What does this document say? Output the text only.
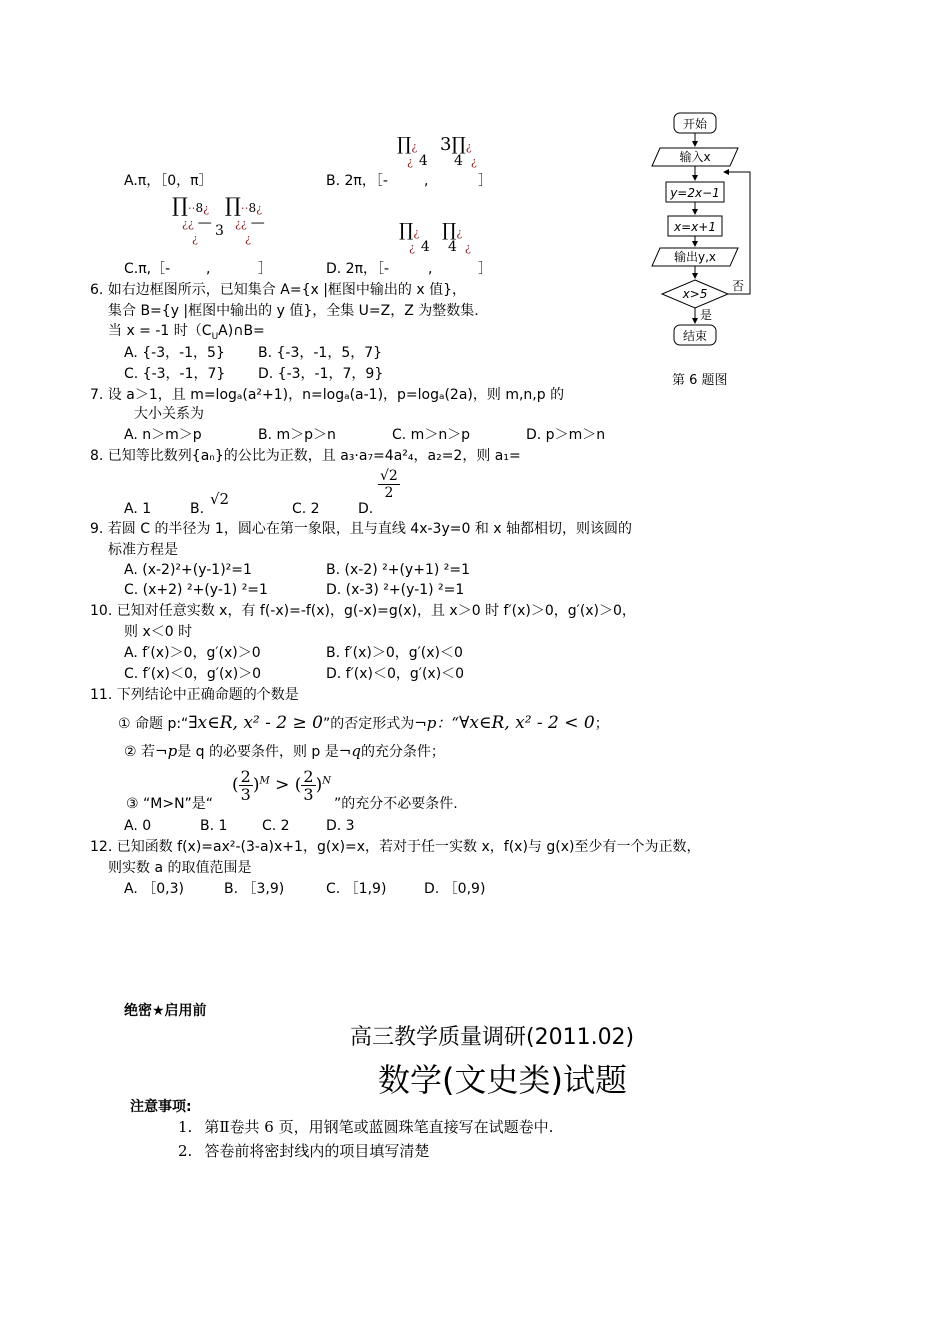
A.π，［0，π］	B. 2π，［-
∏¿
¿ 4
,
3∏¿
4 ¿
］
C.π,［-
∏⋅⋅8¿
¿¿ —
¿	3
∏⋅⋅8¿
¿¿ —
¿
,	］	D. 2π，［-
∏¿
¿ 4
,
∏¿
4 ¿
］
6. 如右边框图所示，已知集合 A={x |框图中输出的 x 值}，
集合 B={y |框图中输出的 y 值}，全集 U=Z，Z 为整数集.
当 x = -1 时$(C_UA)\cap B=$
A. {-3，-1，5} B. {-3，-1，5，7}
C. {-3，-1，7} D. {-3，-1，7，9}
开始
输入x
y=2x−1
x=x+1
输出y,x
x>5
否
是
结束
第 6 题图
7. 设 a＞1，且 m=logₐ(a²+1)，n=logₐ(a-1)，p=logₐ(2a)，则 m,n,p 的
大小关系为
A. n＞m＞p	B. m＞p＞n	C. m＞n＞p	D. p＞m＞n
8. 已知等比数列{aₙ}的公比为正数，且 a₃·a₇=4a²₄，a₂=2，则 a₁=
A. 1	B.
√2
C. 2	D.
$\frac{√2}{2}$
9. 若圆 C 的半径为 1，圆心在第一象限，且与直线 4x-3y=0 和 x 轴都相切，则该圆的
标准方程是
A. (x-2)²+(y-1)²=1	B. (x-2) ²+(y+1) ²=1
C. (x+2) ²+(y-1) ²=1	D. (x-3) ²+(y-1) ²=1
10. 已知对任意实数 x，有 f(-x)=-f(x)，g(-x)=g(x)，且 x＞0 时 f′(x)＞0，g′(x)＞0，
则 x＜0 时
A. f′(x)＞0，g′(x)＞0	B. f′(x)＞0，g′(x)＜0
C. f′(x)＜0，g′(x)＞0	D. f′(x)＜0，g′(x)＜0
11. 下列结论中正确命题的个数是
① 命题 p:“∃x∈R, x² - 2 ≥ 0”的否定形式为¬p：“∀x∈R, x² - 2 < 0；
② 若¬p是 q 的必要条件，则 p 是¬q的充分条件；
③ “M>N”是“
( $\frac{2}{3} )^M$ > ( $\frac{2}{3} )^N$
”的充分不必要条件.
A. 0	B. 1 C. 2	D. 3
12. 已知函数 f(x)=ax²-(3-a)x+1，g(x)=x，若对于任一实数 x，f(x)与 g(x)至少有一个为正数，
则实数 a 的取值范围是
A. ［0,3)	B. ［3,9)	C. ［1,9)	D. ［0,9)
绝密★启用前
高三教学质量调研(2011.02)
数学(文史类)试题
注意事项:
1. 第Ⅱ卷共 6 页，用钢笔或蓝圆珠笔直接写在试题卷中.
2. 答卷前将密封线内的项目填写清楚
